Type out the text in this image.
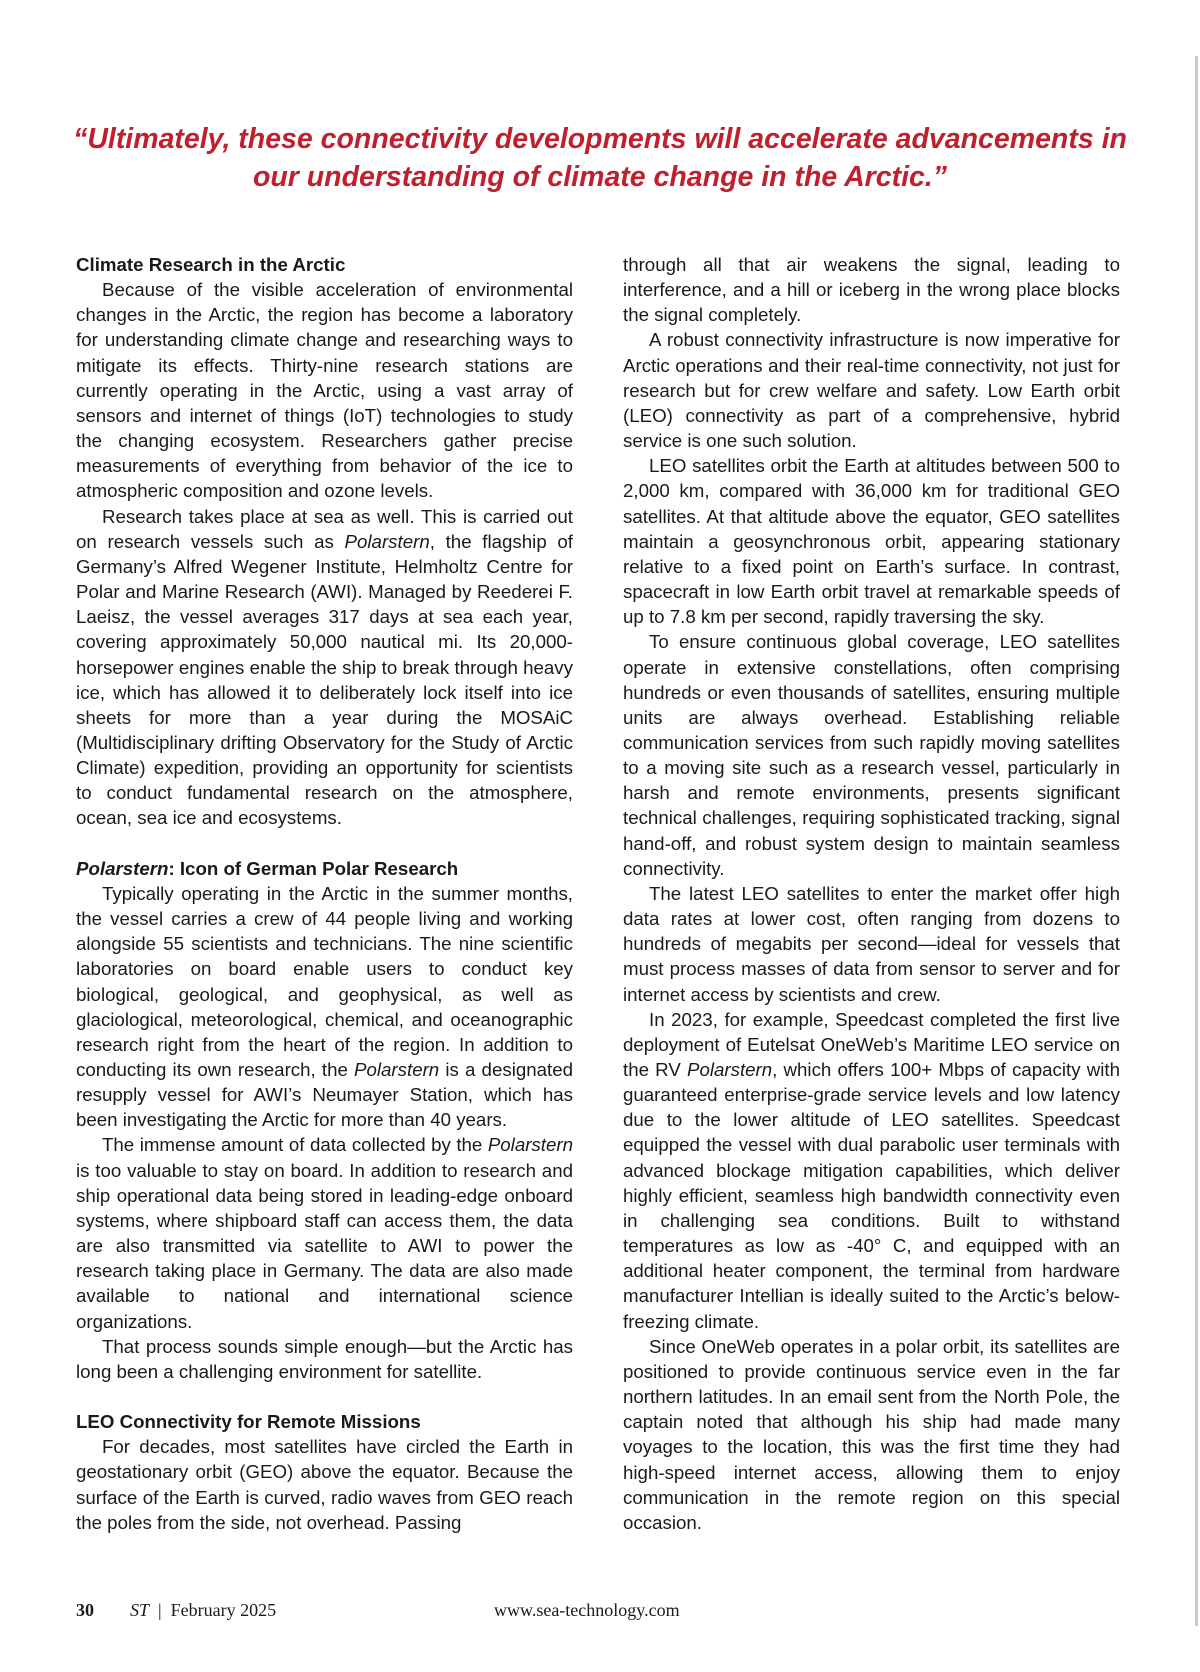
“Ultimately, these connectivity developments will accelerate advancements in
our understanding of climate change in the Arctic.”
Climate Research in the Arctic

Because of the visible acceleration of environmental changes in the Arctic, the region has become a laboratory for understanding climate change and researching ways to mitigate its effects. Thirty-nine research stations are currently operating in the Arctic, using a vast array of sensors and internet of things (IoT) technologies to study the changing ecosystem. Researchers gather precise measurements of everything from behavior of the ice to atmospheric composition and ozone levels.

Research takes place at sea as well. This is carried out on research vessels such as Polarstern, the flagship of Germany’s Alfred Wegener Institute, Helmholtz Centre for Polar and Marine Research (AWI). Managed by Reederei F. Laeisz, the vessel averages 317 days at sea each year, covering approximately 50,000 nautical mi. Its 20,000-horsepower engines enable the ship to break through heavy ice, which has allowed it to deliberately lock itself into ice sheets for more than a year during the MOSAiC (Multidisciplinary drifting Observatory for the Study of Arctic Climate) expedition, providing an opportunity for scientists to conduct fundamental research on the atmosphere, ocean, sea ice and ecosystems.

Polarstern: Icon of German Polar Research

Typically operating in the Arctic in the summer months, the vessel carries a crew of 44 people living and working alongside 55 scientists and technicians. The nine scientific laboratories on board enable users to conduct key biological, geological, and geophysical, as well as glaciological, meteorological, chemical, and oceanographic research right from the heart of the region. In addition to conducting its own research, the Polarstern is a designated resupply vessel for AWI’s Neumayer Station, which has been investigating the Arctic for more than 40 years.

The immense amount of data collected by the Polarstern is too valuable to stay on board. In addition to research and ship operational data being stored in leading-edge onboard systems, where shipboard staff can access them, the data are also transmitted via satellite to AWI to power the research taking place in Germany. The data are also made available to national and international science organizations.

That process sounds simple enough—but the Arctic has long been a challenging environment for satellite.

LEO Connectivity for Remote Missions

For decades, most satellites have circled the Earth in geostationary orbit (GEO) above the equator. Because the surface of the Earth is curved, radio waves from GEO reach the poles from the side, not overhead. Passing

through all that air weakens the signal, leading to interference, and a hill or iceberg in the wrong place blocks the signal completely.

A robust connectivity infrastructure is now imperative for Arctic operations and their real-time connectivity, not just for research but for crew welfare and safety. Low Earth orbit (LEO) connectivity as part of a comprehensive, hybrid service is one such solution.

LEO satellites orbit the Earth at altitudes between 500 to 2,000 km, compared with 36,000 km for traditional GEO satellites. At that altitude above the equator, GEO satellites maintain a geosynchronous orbit, appearing stationary relative to a fixed point on Earth’s surface. In contrast, spacecraft in low Earth orbit travel at remarkable speeds of up to 7.8 km per second, rapidly traversing the sky.

To ensure continuous global coverage, LEO satellites operate in extensive constellations, often comprising hundreds or even thousands of satellites, ensuring multiple units are always overhead. Establishing reliable communication services from such rapidly moving satellites to a moving site such as a research vessel, particularly in harsh and remote environments, presents significant technical challenges, requiring sophisticated tracking, signal hand-off, and robust system design to maintain seamless connectivity.

The latest LEO satellites to enter the market offer high data rates at lower cost, often ranging from dozens to hundreds of megabits per second—ideal for vessels that must process masses of data from sensor to server and for internet access by scientists and crew.

In 2023, for example, Speedcast completed the first live deployment of Eutelsat OneWeb’s Maritime LEO service on the RV Polarstern, which offers 100+ Mbps of capacity with guaranteed enterprise-grade service levels and low latency due to the lower altitude of LEO satellites. Speedcast equipped the vessel with dual parabolic user terminals with advanced blockage mitigation capabilities, which deliver highly efficient, seamless high bandwidth connectivity even in challenging sea conditions. Built to withstand temperatures as low as -40° C, and equipped with an additional heater component, the terminal from hardware manufacturer Intellian is ideally suited to the Arctic’s below-freezing climate.

Since OneWeb operates in a polar orbit, its satellites are positioned to provide continuous service even in the far northern latitudes. In an email sent from the North Pole, the captain noted that although his ship had made many voyages to the location, this was the first time they had high-speed internet access, allowing them to enjoy communication in the remote region on this special occasion.

30 ST | February 2025	www.sea-technology.com
